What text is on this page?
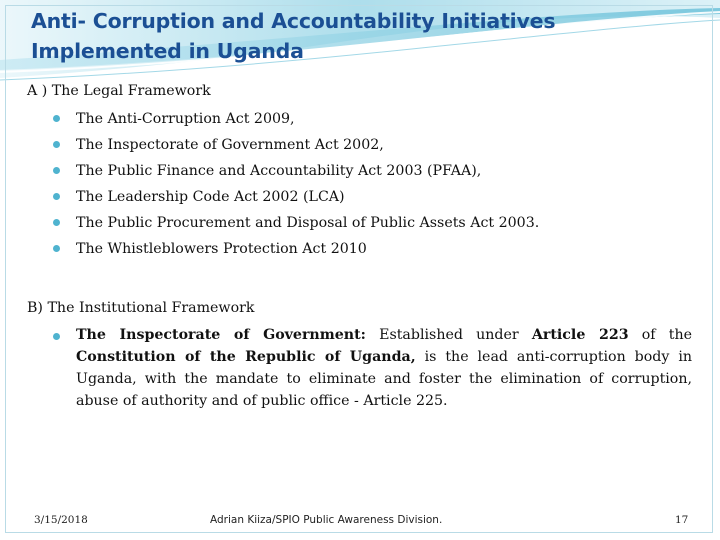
Anti- Corruption and Accountability Initiatives Implemented in Uganda

A ) The Legal Framework

The Anti-Corruption Act 2009,
The Inspectorate of Government Act 2002,
The Public Finance and Accountability Act 2003 (PFAA),
The Leadership Code Act 2002 (LCA)
The Public Procurement and Disposal of Public Assets Act 2003.
The Whistleblowers Protection Act 2010

B) The Institutional Framework

The Inspectorate of Government: Established under Article 223 of the Constitution of the Republic of Uganda, is the lead anti-corruption body in Uganda, with the mandate to eliminate and foster the elimination of corruption, abuse of authority and of public office - Article 225.

3/15/2018	Adrian Kiiza/SPIO Public Awareness Division.	17
